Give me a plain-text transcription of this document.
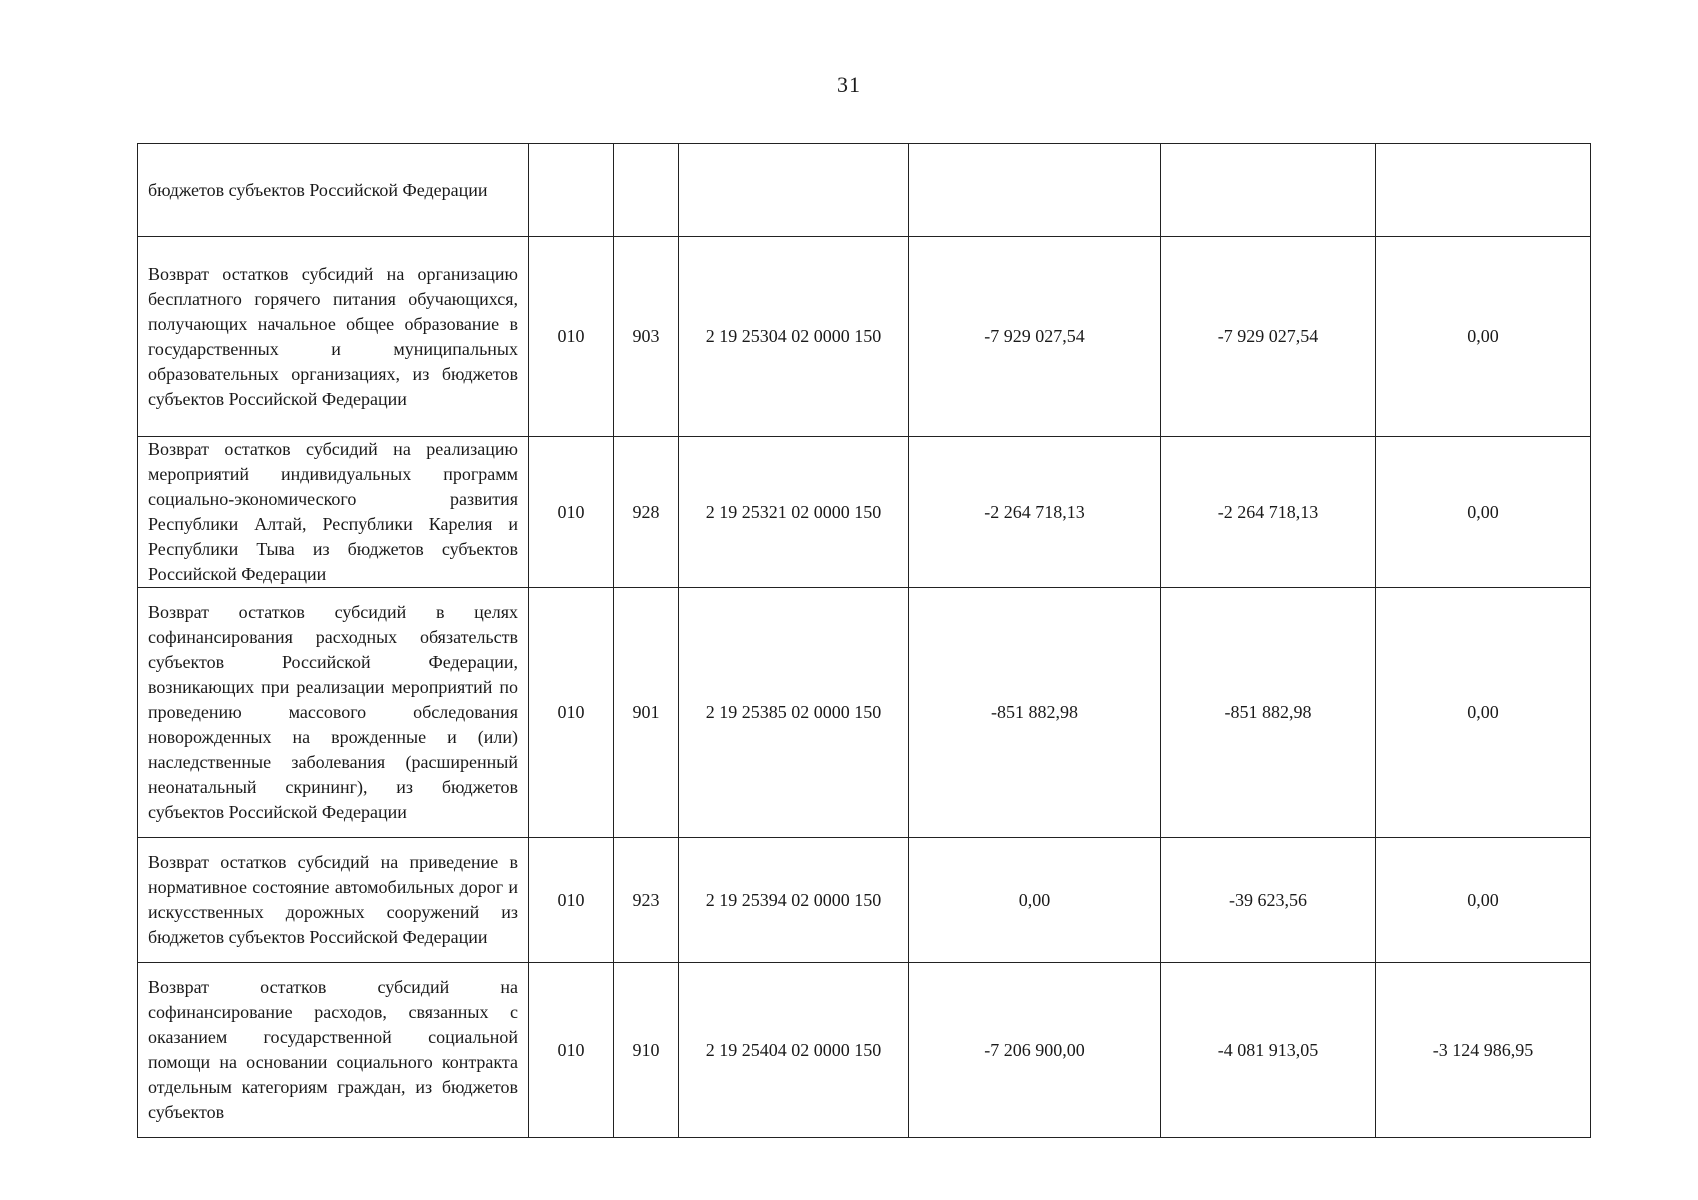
31
бюджетов субъектов Российской Федерации						
Возврат остатков субсидий на организацию бесплатного горячего питания обучающихся, получающих начальное общее образование в государственных и муниципальных образовательных организациях, из бюджетов субъектов Российской Федерации	010	903	2 19 25304 02 0000 150	-7 929 027,54	-7 929 027,54	0,00
Возврат остатков субсидий на реализацию мероприятий индивидуальных программ социально-экономического развития Республики Алтай, Республики Карелия и Республики Тыва из бюджетов субъектов Российской Федерации	010	928	2 19 25321 02 0000 150	-2 264 718,13	-2 264 718,13	0,00
Возврат остатков субсидий в целях софинансирования расходных обязательств субъектов Российской Федерации, возникающих при реализации мероприятий по проведению массового обследования новорожденных на врожденные и (или) наследственные заболевания (расширенный неонатальный скрининг), из бюджетов субъектов Российской Федерации	010	901	2 19 25385 02 0000 150	-851 882,98	-851 882,98	0,00
Возврат остатков субсидий на приведение в нормативное состояние автомобильных дорог и искусственных дорожных сооружений из бюджетов субъектов Российской Федерации	010	923	2 19 25394 02 0000 150	0,00	-39 623,56	0,00
Возврат остатков субсидий на софинансирование расходов, связанных с оказанием государственной социальной помощи на основании социального контракта отдельным категориям граждан, из бюджетов субъектов	010	910	2 19 25404 02 0000 150	-7 206 900,00	-4 081 913,05	-3 124 986,95
